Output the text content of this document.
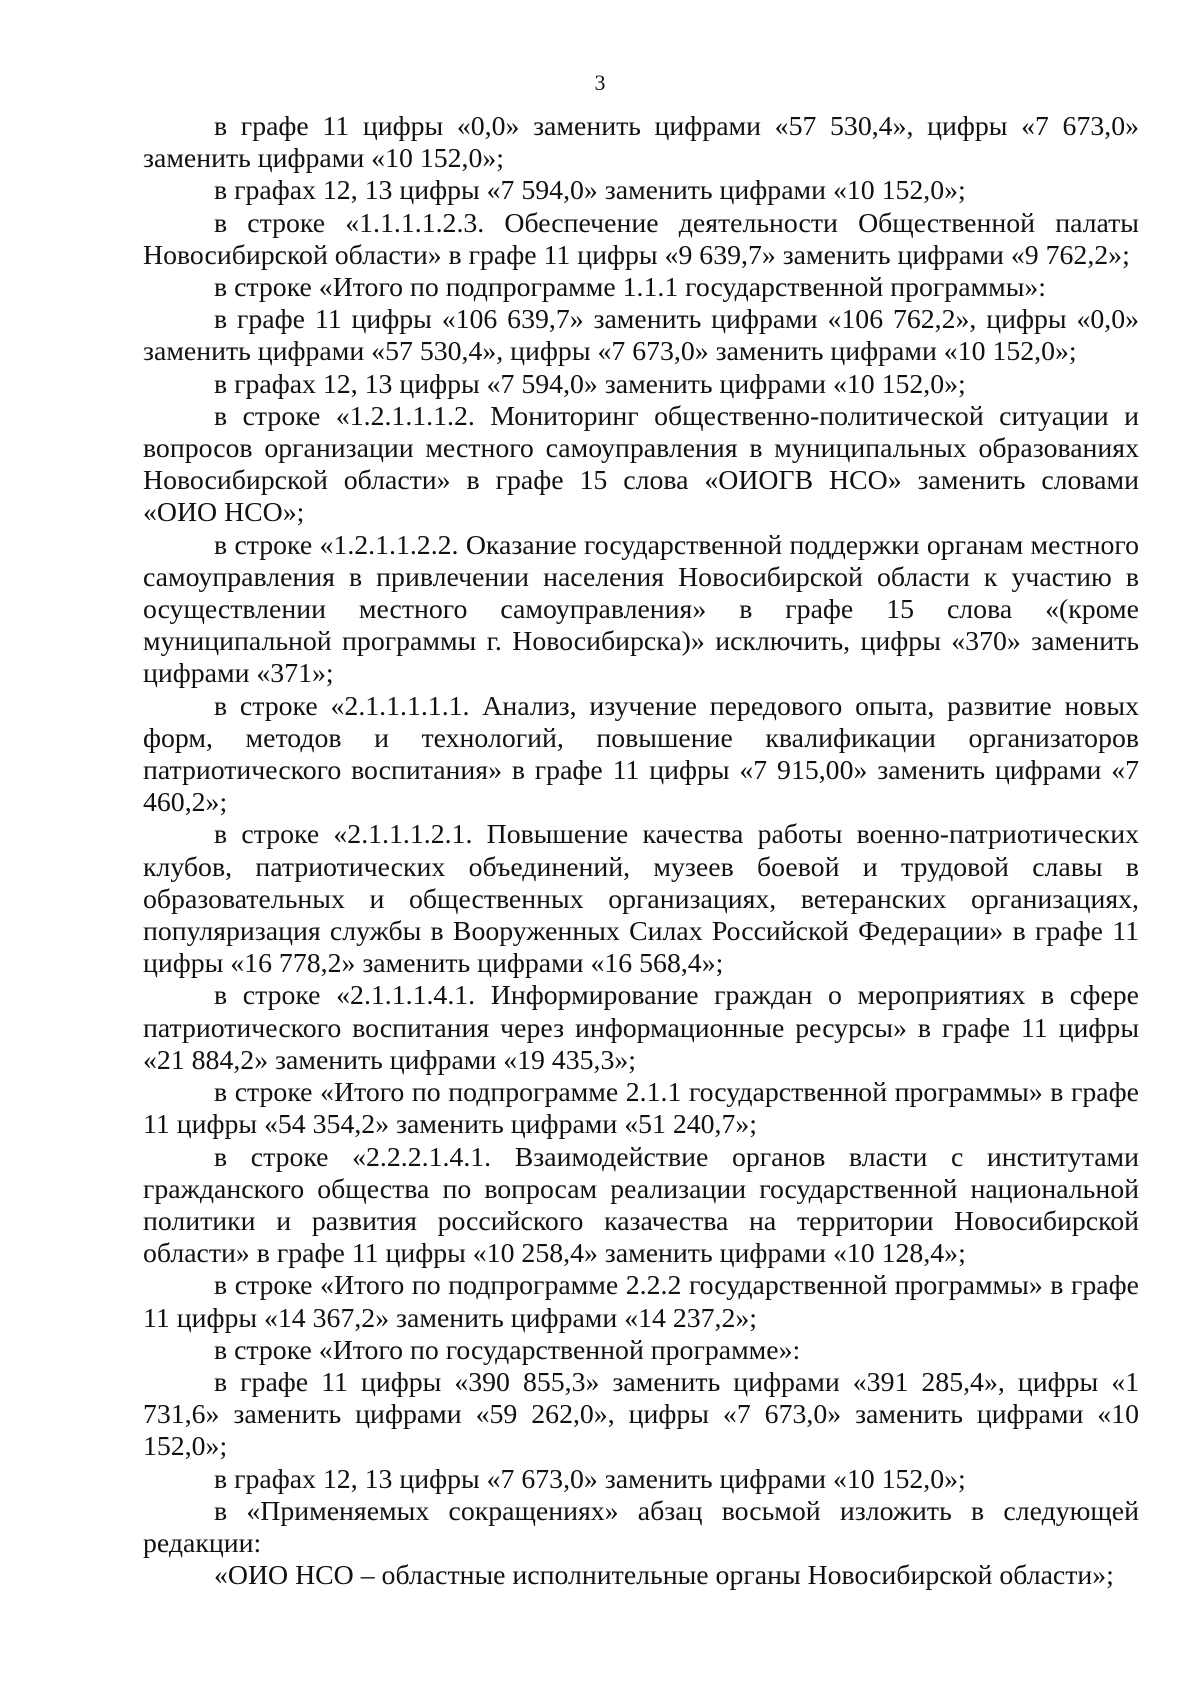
3

в графе 11 цифры «0,0» заменить цифрами «57 530,4», цифры «7 673,0» заменить цифрами «10 152,0»;

в графах 12, 13 цифры «7 594,0» заменить цифрами «10 152,0»;

в строке «1.1.1.1.2.3. Обеспечение деятельности Общественной палаты Новосибирской области» в графе 11 цифры «9 639,7» заменить цифрами «9 762,2»;

в строке «Итого по подпрограмме 1.1.1 государственной программы»:

в графе 11 цифры «106 639,7» заменить цифрами «106 762,2», цифры «0,0» заменить цифрами «57 530,4», цифры «7 673,0» заменить цифрами «10 152,0»;

в графах 12, 13 цифры «7 594,0» заменить цифрами «10 152,0»;

в строке «1.2.1.1.1.2. Мониторинг общественно-политической ситуации и вопросов организации местного самоуправления в муниципальных образованиях Новосибирской области» в графе 15 слова «ОИОГВ НСО» заменить словами «ОИО НСО»;

в строке «1.2.1.1.2.2. Оказание государственной поддержки органам местного самоуправления в привлечении населения Новосибирской области к участию в осуществлении местного самоуправления» в графе 15 слова «(кроме муниципальной программы г. Новосибирска)» исключить, цифры «370» заменить цифрами «371»;

в строке «2.1.1.1.1.1. Анализ, изучение передового опыта, развитие новых форм, методов и технологий, повышение квалификации организаторов патриотического воспитания» в графе 11 цифры «7 915,00» заменить цифрами «7 460,2»;

в строке «2.1.1.1.2.1. Повышение качества работы военно-патриотических клубов, патриотических объединений, музеев боевой и трудовой славы в образовательных и общественных организациях, ветеранских организациях, популяризация службы в Вооруженных Силах Российской Федерации» в графе 11 цифры «16 778,2» заменить цифрами «16 568,4»;

в строке «2.1.1.1.4.1. Информирование граждан о мероприятиях в сфере патриотического воспитания через информационные ресурсы» в графе 11 цифры «21 884,2» заменить цифрами «19 435,3»;

в строке «Итого по подпрограмме 2.1.1 государственной программы» в графе 11 цифры «54 354,2» заменить цифрами «51 240,7»;

в строке «2.2.2.1.4.1. Взаимодействие органов власти с институтами гражданского общества по вопросам реализации государственной национальной политики и развития российского казачества на территории Новосибирской области» в графе 11 цифры «10 258,4» заменить цифрами «10 128,4»;

в строке «Итого по подпрограмме 2.2.2 государственной программы» в графе 11 цифры «14 367,2» заменить цифрами «14 237,2»;

в строке «Итого по государственной программе»:

в графе 11 цифры «390 855,3» заменить цифрами «391 285,4», цифры «1 731,6» заменить цифрами «59 262,0», цифры «7 673,0» заменить цифрами «10 152,0»;

в графах 12, 13 цифры «7 673,0» заменить цифрами «10 152,0»;

в «Применяемых сокращениях» абзац восьмой изложить в следующей редакции:

«ОИО НСО – областные исполнительные органы Новосибирской области»;
